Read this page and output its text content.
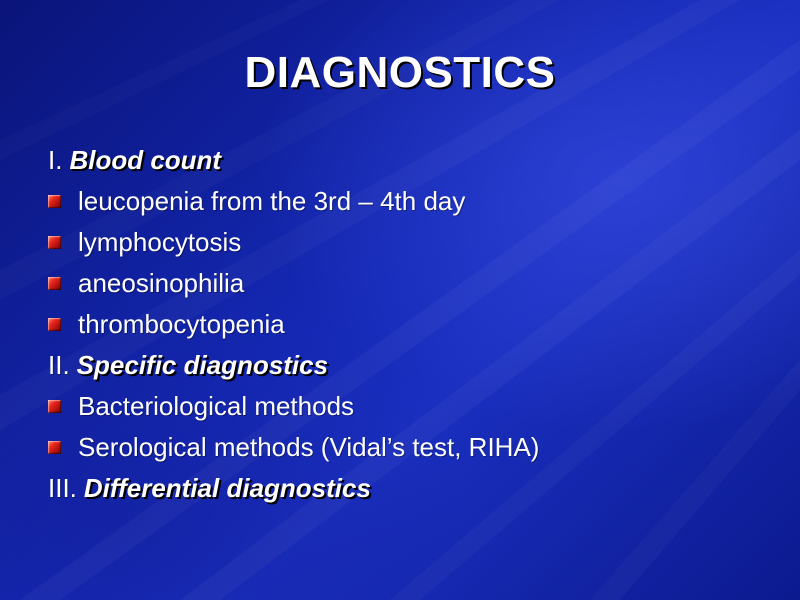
DIAGNOSTICS
I. Blood count
leucopenia from the 3rd – 4th day
lymphocytosis
aneosinophilia
thrombocytopenia
II. Specific diagnostics
Bacteriological methods
Serological methods (Vidal’s test, RIHA)
III. Differential diagnostics
